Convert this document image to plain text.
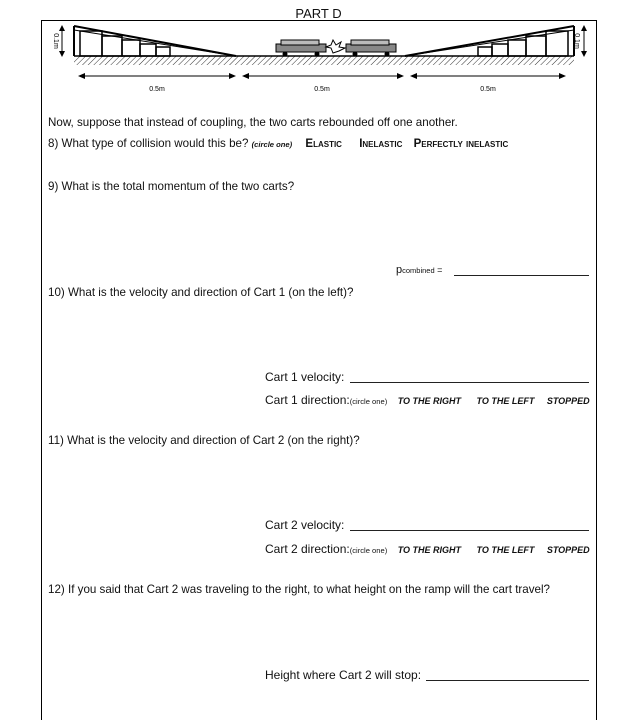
PART D
0.1m	0.1m
0.5m	0.5m	0.5m
Now, suppose that instead of coupling, the two carts rebounded off one another.
8) What type of collision would this be? (circle one) Elastic Inelastic Perfectly inelastic
9) What is the total momentum of the two carts?
pcombined =
10) What is the velocity and direction of Cart 1 (on the left)?
Cart 1 velocity:
Cart 1 direction:(circle one) TO THE RIGHT TO THE LEFT STOPPED
11) What is the velocity and direction of Cart 2 (on the right)?
Cart 2 velocity:
Cart 2 direction:(circle one) TO THE RIGHT TO THE LEFT STOPPED
12) If you said that Cart 2 was traveling to the right, to what height on the ramp will the cart travel?
Height where Cart 2 will stop:
